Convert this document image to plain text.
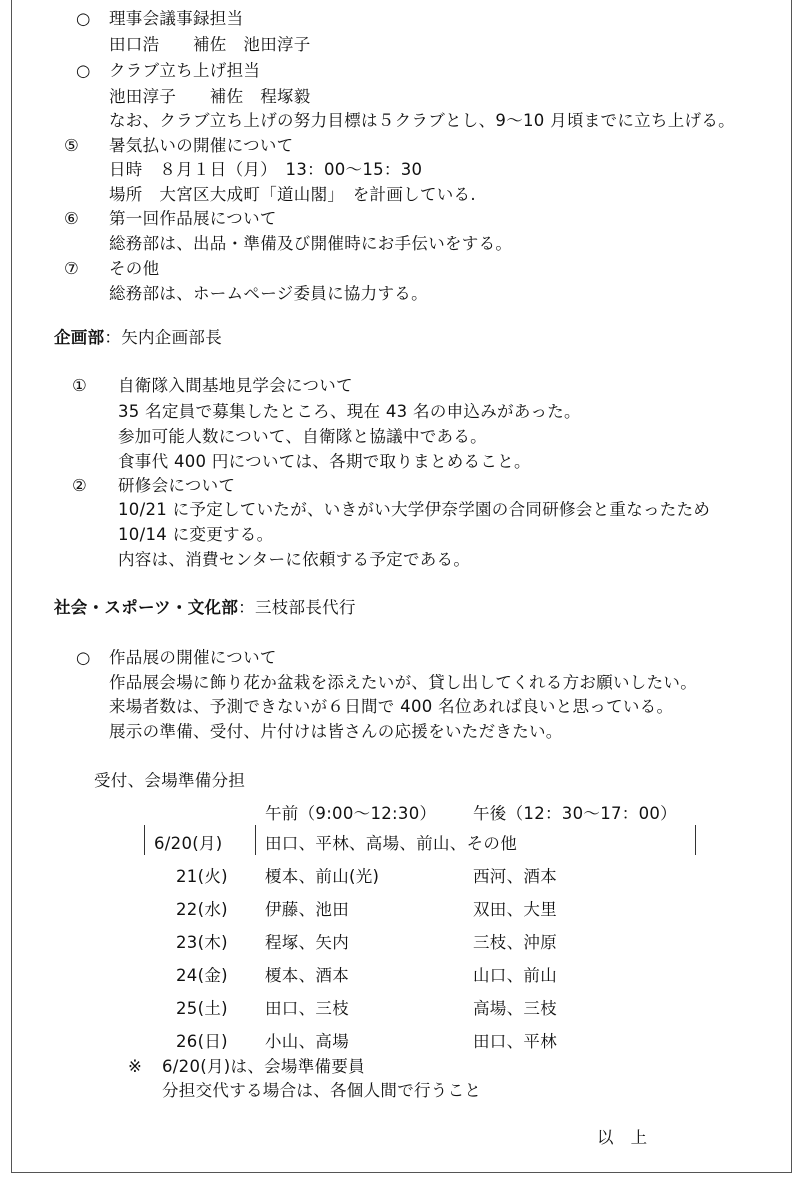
○ 理事会議事録担当
田口浩　　補佐　池田淳子
○ クラブ立ち上げ担当
池田淳子　　補佐　程塚毅
なお、クラブ立ち上げの努力目標は５クラブとし、9～10 月頃までに立ち上げる。
⑤ 暑気払いの開催について
日時　８月１日（月）　13：00～15：30
場所　大宮区大成町「道山閣」　を計画している.
⑥ 第一回作品展について
総務部は、出品・準備及び開催時にお手伝いをする。
⑦ その他
総務部は、ホームページ委員に協力する。
企画部：矢内企画部長
① 自衛隊入間基地見学会について
35 名定員で募集したところ、現在 43 名の申込みがあった。
参加可能人数について、自衛隊と協議中である。
食事代 400 円については、各期で取りまとめること。
② 研修会について
10/21 に予定していたが、いきがい大学伊奈学園の合同研修会と重なったため
10/14 に変更する。
内容は、消費センターに依頼する予定である。
社会・スポーツ・文化部：三枝部長代行
○ 作品展の開催について
作品展会場に飾り花か盆栽を添えたいが、貸し出してくれる方お願いしたい。
来場者数は、予測できないが６日間で 400 名位あれば良いと思っている。
展示の準備、受付、片付けは皆さんの応援をいただきたい。
受付、会場準備分担
午前（9:00～12:30） 午後（12：30～17：00）
6/20(月)	田口、平林、高場、前山、その他
21(火) 榎本、前山(光)	西河、酒本
22(水) 伊藤、池田	双田、大里
23(木) 程塚、矢内	三枝、沖原
24(金) 榎本、酒本	山口、前山
25(土) 田口、三枝	高場、三枝
26(日) 小山、高場	田口、平林
※ 6/20(月)は、会場準備要員
分担交代する場合は、各個人間で行うこと
以　上
